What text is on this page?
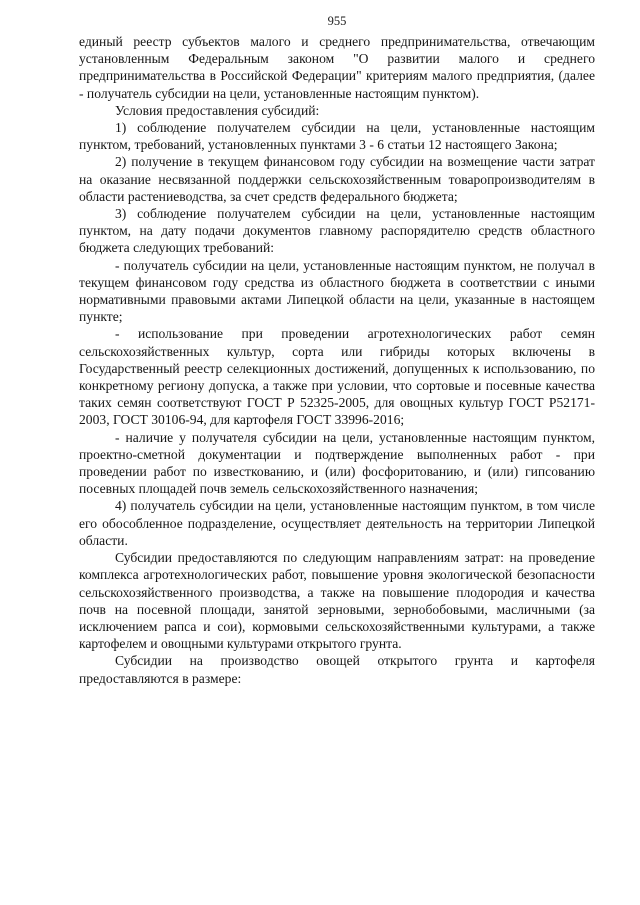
955

единый реестр субъектов малого и среднего предпринимательства, отвечающим установленным Федеральным законом "О развитии малого и среднего предпринимательства в Российской Федерации" критериям малого предприятия, (далее - получатель субсидии на цели, установленные настоящим пунктом).

Условия предоставления субсидий:

1) соблюдение получателем субсидии на цели, установленные настоящим пунктом, требований, установленных пунктами 3 - 6 статьи 12 настоящего Закона;

2) получение в текущем финансовом году субсидии на возмещение части затрат на оказание несвязанной поддержки сельскохозяйственным товаропроизводителям в области растениеводства, за счет средств федерального бюджета;

3) соблюдение получателем субсидии на цели, установленные настоящим пунктом, на дату подачи документов главному распорядителю средств областного бюджета следующих требований:

- получатель субсидии на цели, установленные настоящим пунктом, не получал в текущем финансовом году средства из областного бюджета в соответствии с иными нормативными правовыми актами Липецкой области на цели, указанные в настоящем пункте;

- использование при проведении агротехнологических работ семян сельскохозяйственных культур, сорта или гибриды которых включены в Государственный реестр селекционных достижений, допущенных к использованию, по конкретному региону допуска, а также при условии, что сортовые и посевные качества таких семян соответствуют ГОСТ Р 52325-2005, для овощных культур ГОСТ Р52171-2003, ГОСТ 30106-94, для картофеля ГОСТ 33996-2016;

- наличие у получателя субсидии на цели, установленные настоящим пунктом, проектно-сметной документации и подтверждение выполненных работ - при проведении работ по известкованию, и (или) фосфоритованию, и (или) гипсованию посевных площадей почв земель сельскохозяйственного назначения;

4) получатель субсидии на цели, установленные настоящим пунктом, в том числе его обособленное подразделение, осуществляет деятельность на территории Липецкой области.

Субсидии предоставляются по следующим направлениям затрат: на проведение комплекса агротехнологических работ, повышение уровня экологической безопасности сельскохозяйственного производства, а также на повышение плодородия и качества почв на посевной площади, занятой зерновыми, зернобобовыми, масличными (за исключением рапса и сои), кормовыми сельскохозяйственными культурами, а также картофелем и овощными культурами открытого грунта.

Субсидии на производство овощей открытого грунта и картофеля предоставляются в размере:
